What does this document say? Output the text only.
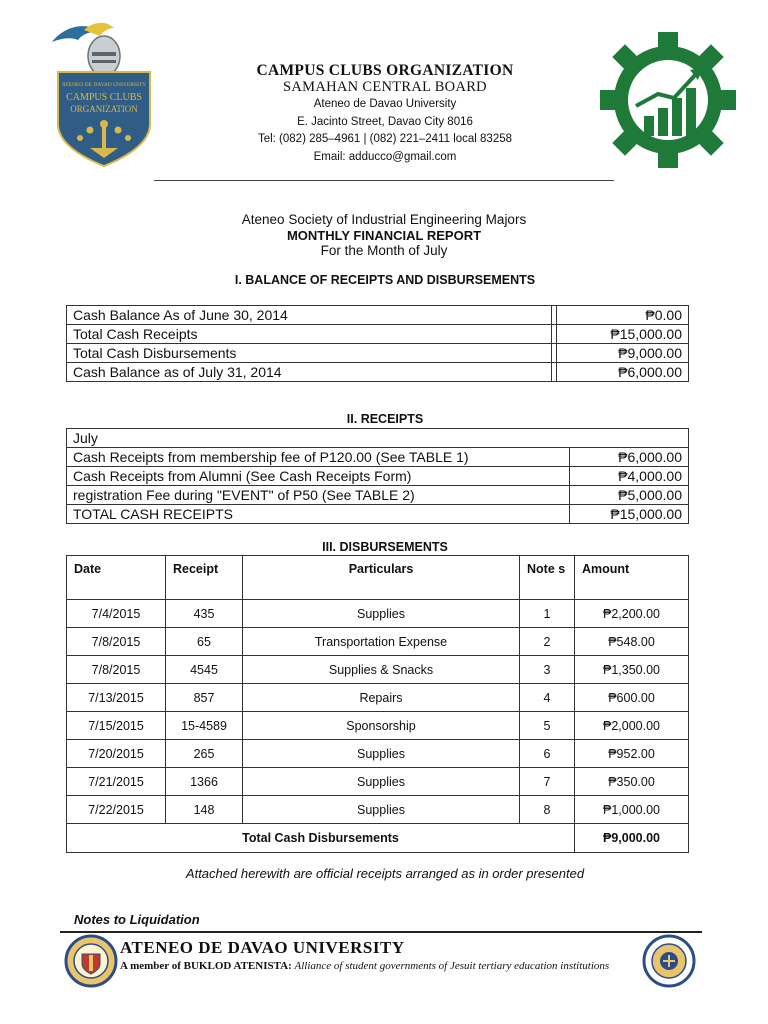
ATENEO DE DAVAO UNIVERSITY
CAMPUS CLUBS
ORGANIZATION
CAMPUS CLUBS ORGANIZATION
SAMAHAN CENTRAL BOARD
Ateneo de Davao University
E. Jacinto Street, Davao City 8016
Tel: (082) 285–4961 | (082) 221–2411 local 83258
Email: adducco@gmail.com
Ateneo Society of Industrial Engineering Majors
MONTHLY FINANCIAL REPORT
For the Month of July
I. BALANCE OF RECEIPTS AND DISBURSEMENTS
Cash Balance As of June 30, 2014		₱0.00
Total Cash Receipts		₱15,000.00
Total Cash Disbursements		₱9,000.00
Cash Balance as of July 31, 2014		₱6,000.00
II. RECEIPTS
July	
Cash Receipts from membership fee of P120.00 (See TABLE 1)	₱6,000.00
Cash Receipts from Alumni (See Cash Receipts Form)	₱4,000.00
registration Fee during "EVENT" of P50 (See TABLE 2)	₱5,000.00
TOTAL CASH RECEIPTS	₱15,000.00
III. DISBURSEMENTS
Date	Receipt	Particulars	Note s	Amount
7/4/2015	435	Supplies	1	₱2,200.00
7/8/2015	65	Transportation Expense	2	₱548.00
7/8/2015	4545	Supplies & Snacks	3	₱1,350.00
7/13/2015	857	Repairs	4	₱600.00
7/15/2015	15-4589	Sponsorship	5	₱2,000.00
7/20/2015	265	Supplies	6	₱952.00
7/21/2015	1366	Supplies	7	₱350.00
7/22/2015	148	Supplies	8	₱1,000.00
Total Cash Disbursements				₱9,000.00
Attached herewith are official receipts arranged as in order presented
Notes to Liquidation
ATENEO DE DAVAO UNIVERSITY
A member of BUKLOD ATENISTA: Alliance of student governments of Jesuit tertiary education institutions
